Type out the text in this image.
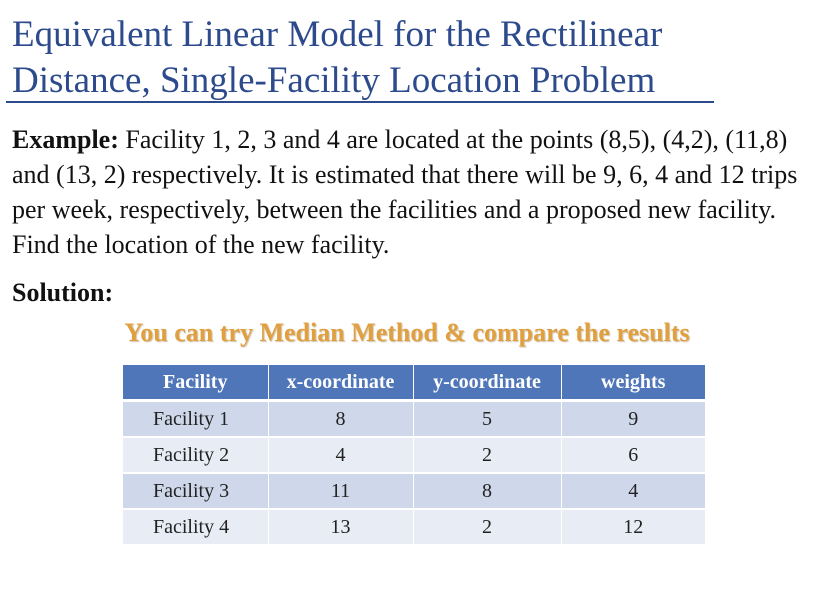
Equivalent Linear Model for the Rectilinear
Distance, Single-Facility Location Problem
Example: Facility 1, 2, 3 and 4 are located at the points (8,5), (4,2), (11,8) and (13, 2) respectively. It is estimated that there will be 9, 6, 4 and 12 trips per week, respectively, between the facilities and a proposed new facility. Find the location of the new facility.
Solution:
You can try Median Method & compare the results
Facility	x-coordinate	y-coordinate	weights
Facility 1	8	5	9
Facility 2	4	2	6
Facility 3	11	8	4
Facility 4	13	2	12
